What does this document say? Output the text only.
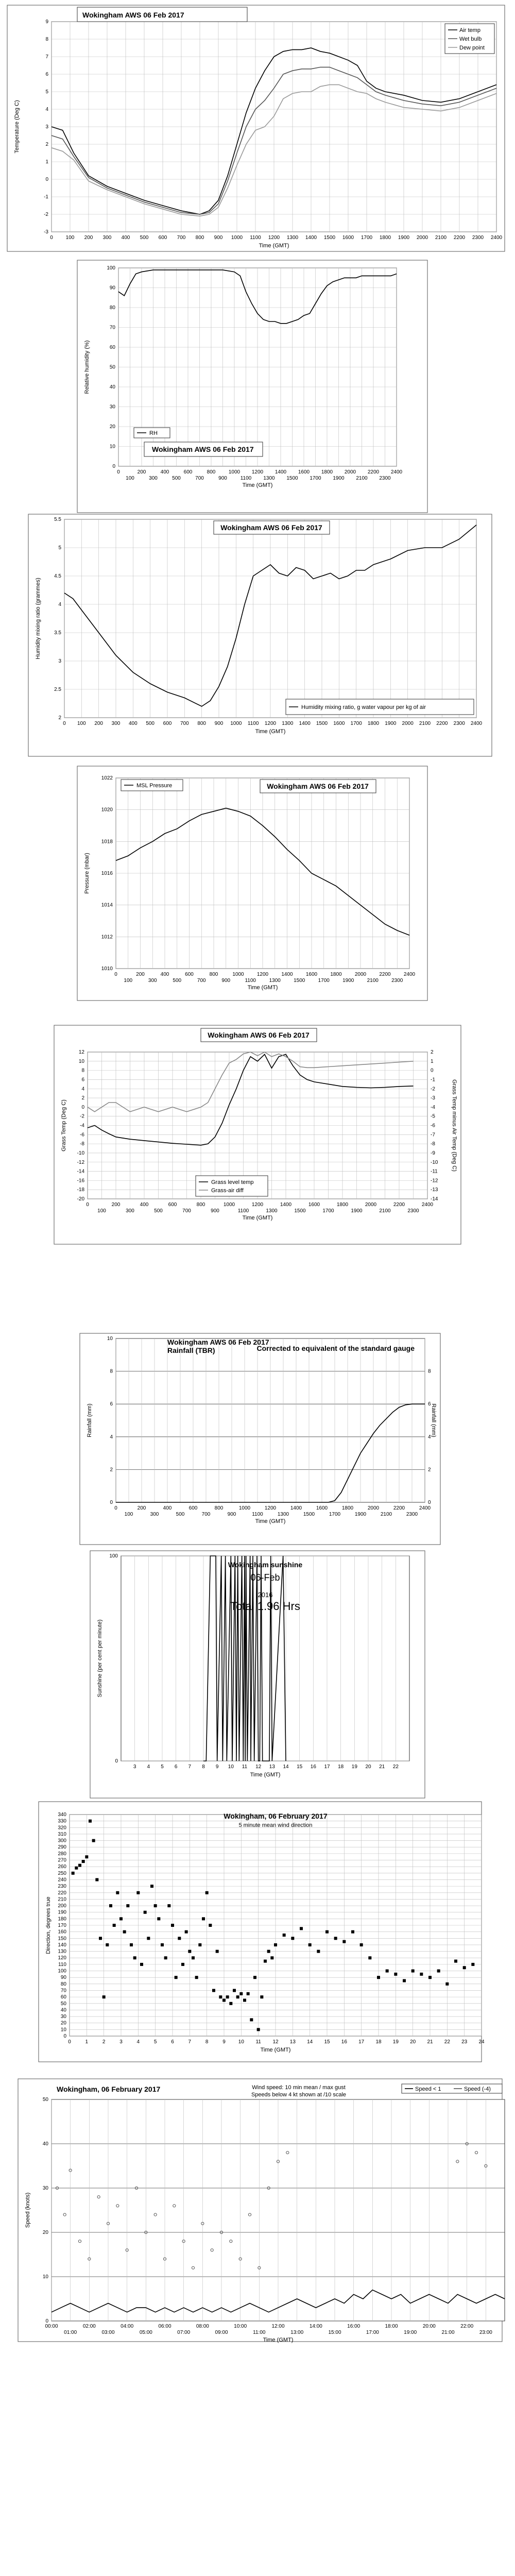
-3
-2
-1
0
1
2
3
4
5
6
7
8
9
0 100 200 300 400 500 600 700 800 900 1000 1100 1200 1300 1400 1500 1600 1700 1800 1900 2000 2100 2200 2300 2400
Time (GMT)
Temperature (Deg C)
Wokingham AWS 06 Feb 2017
Air temp
Wet bulb
Dew point
0
10
20
30
40
50
60
70
80
90
100
0	200	400	600	800	1000 1200 1400 1600 1800 2000 2200 2400
100	300	500	700	900	1100 1300 1500 1700 1900 2100 2300
Time (GMT)
Relative humidity (%)
Wokingham AWS 06 Feb 2017
RH
2
2.5
3
3.5
4
4.5
5
5.5
0 100 200 300 400 500 600 700 800 900 1000 1100 1200 1300 1400 1500 1600 1700 1800 1900 2000 2100 2200 2300 2400
Time (GMT)
Humidity mixing ratio (grammes)
Wokingham AWS 06 Feb 2017
Humidity mixing ratio, g water vapour per kg of air
1010
1012
1014
1016
1018
1020
1022
0	200	400	600	800	1000	1200	1400	1600	1800	2000	2200	2400
100	300	500	700	900	1100	1300	1500	1700	1900	2100	2300
Time (GMT)
Pressure (mbar)
Wokingham AWS 06 Feb 2017
MSL Pressure
-20
-18
-16
-14
-12
-10
-8
-6
-4
-2
0
2
4
6
8
10
12
-14
-13
-12
-11
-10
-9
-8
-7
-6
-5
-4
-3
-2
-1
0
1
2
0	200	400	600	800	1000	1200	1400	1600	1800	2000	2200	2400
100	300	500	700	900	1100	1300	1500	1700	1900	2100	2300
Time (GMT)
Grass Temp (Deg C)	Grass Temp minus Air Temp (Deg C)
Wokingham AWS 06 Feb 2017
Grass level temp
Grass-air diff
0
2
4
6
8
10
0
2
4
6
8
0	200	400	600	800	1000	1200	1400	1600	1800	2000	2200	2400
100	300	500	700	900	1100	1300	1500	1700	1900	2100	2300
Time (GMT)
Rainfall (mm)	Rainfall (mm)
Wokingham AWS 06 Feb 2017
Rainfall (TBR)	Corrected to equivalent of the standard gauge
0
100
3 4 5 6 7 8 9 10 11 12 13 14 15 16 17 18 19 20 21 22
Time (GMT)
Sunshine (per cent per minute)
Wokingham sunshine
06-Feb
2016
Total 1.96 Hrs
0
10
20
30
40
50
60
70
80
90
100
110
120
130
140
150
160
170
180
190
200
210
220
230
240
250
260
270
280
290
300
310
320
330
340
0	1	2	3	4	5	6	7	8	9 10 11 12 13 14 15 16 17 18 19 20 21 22 23 24
Time (GMT)
Direction, degrees true
Wokingham, 06 February 2017
5 minute mean wind direction
0
10
20
30
40
50
00:00	02:00	04:00	06:00	08:00	10:00	12:00	14:00	16:00	18:00	20:00	22:00
01:00	03:00	05:00	07:00	09:00	11:00	13:00	15:00	17:00	19:00	21:00	23:00
Time (GMT)
Speed (knots)
Wokingham, 06 February 2017	Wind speed: 10 min mean / max gust
Speeds below 4 kt shown at /10 scale
Speed < 1	Speed (-4)
